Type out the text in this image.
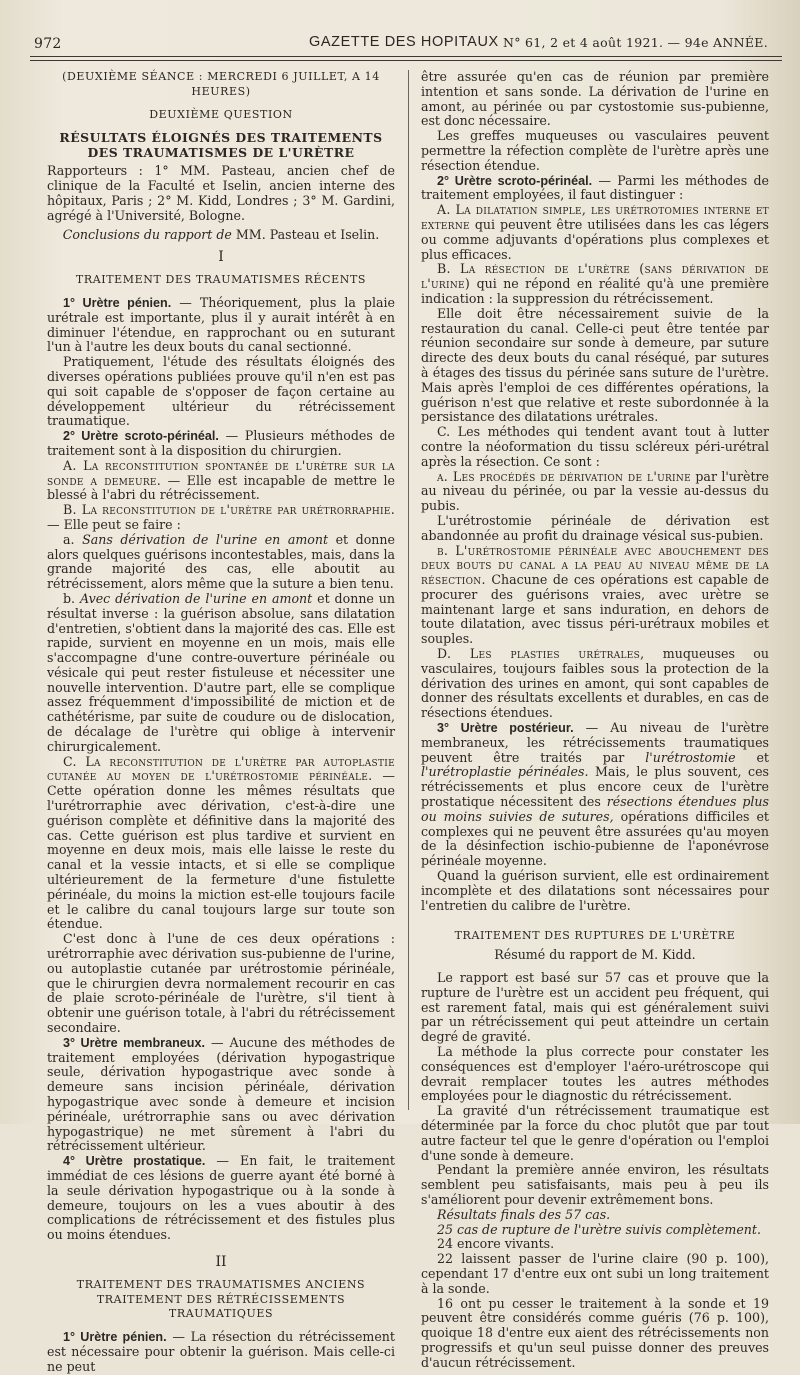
972	GAZETTE DES HOPITAUX N° 61, 2 et 4 août 1921. — 94e ANNÉE.

(DEUXIÈME SÉANCE : MERCREDI 6 JUILLET, A 14 HEURES)

DEUXIÈME QUESTION

RÉSULTATS ÉLOIGNÉS DES TRAITEMENTS

DES TRAUMATISMES DE L'URÈTRE

Rapporteurs : 1° MM. Pasteau, ancien chef de clinique de la Faculté et Iselin, ancien interne des hôpitaux, Paris ; 2° M. Kidd, Londres ; 3° M. Gardini, agrégé à l'Université, Bologne.

Conclusions du rapport de MM. Pasteau et Iselin.

I

TRAITEMENT DES TRAUMATISMES RÉCENTS

1° Urètre pénien. — Théoriquement, plus la plaie urétrale est importante, plus il y aurait intérêt à en diminuer l'étendue, en rapprochant ou en suturant l'un à l'autre les deux bouts du canal sectionné.

Pratiquement, l'étude des résultats éloignés des diverses opérations publiées prouve qu'il n'en est pas qui soit capable de s'opposer de façon certaine au développement ultérieur du rétrécissement traumatique.

2° Urètre scroto-périnéal. — Plusieurs méthodes de traitement sont à la disposition du chirurgien.

A. La reconstitution spontanée de l'urètre sur la sonde a demeure. — Elle est incapable de mettre le blessé à l'abri du rétrécissement.

B. La reconstitution de l'urètre par urétrorraphie. — Elle peut se faire :

a. Sans dérivation de l'urine en amont et donne alors quelques guérisons incontestables, mais, dans la grande majorité des cas, elle aboutit au rétrécissement, alors même que la suture a bien tenu.

b. Avec dérivation de l'urine en amont et donne un résultat inverse : la guérison absolue, sans dilatation d'entretien, s'obtient dans la majorité des cas. Elle est rapide, survient en moyenne en un mois, mais elle s'accompagne d'une contre-ouverture périnéale ou vésicale qui peut rester fistuleuse et nécessiter une nouvelle intervention. D'autre part, elle se complique assez fréquemment d'impossibilité de miction et de cathétérisme, par suite de coudure ou de dislocation, de décalage de l'urètre qui oblige à intervenir chirurgicalement.

C. La reconstitution de l'urètre par autoplastie cutanée au moyen de l'urétrostomie périnéale. — Cette opération donne les mêmes résultats que l'urétrorraphie avec dérivation, c'est-à-dire une guérison complète et définitive dans la majorité des cas. Cette guérison est plus tardive et survient en moyenne en deux mois, mais elle laisse le reste du canal et la vessie intacts, et si elle se complique ultérieurement de la fermeture d'une fistulette périnéale, du moins la miction est-elle toujours facile et le calibre du canal toujours large sur toute son étendue.

C'est donc à l'une de ces deux opérations : urétrorraphie avec dérivation sus-pubienne de l'urine, ou autoplastie cutanée par urétrostomie périnéale, que le chirurgien devra normalement recourir en cas de plaie scroto-périnéale de l'urètre, s'il tient à obtenir une guérison totale, à l'abri du rétrécissement secondaire.

3° Urètre membraneux. — Aucune des méthodes de traitement employées (dérivation hypogastrique seule, dérivation hypogastrique avec sonde à demeure sans incision périnéale, dérivation hypogastrique avec sonde à demeure et incision périnéale, urétrorraphie sans ou avec dérivation hypogastrique) ne met sûrement à l'abri du rétrécissement ultérieur.

4° Urètre prostatique. — En fait, le traitement immédiat de ces lésions de guerre ayant été borné à la seule dérivation hypogastrique ou à la sonde à demeure, toujours on les a vues aboutir à des complications de rétrécissement et des fistules plus ou moins étendues.

II

TRAITEMENT DES TRAUMATISMES ANCIENS

TRAITEMENT DES RÉTRÉCISSEMENTS TRAUMATIQUES

1° Urètre pénien. — La résection du rétrécissement est nécessaire pour obtenir la guérison. Mais celle-ci ne peut

être assurée qu'en cas de réunion par première intention et sans sonde. La dérivation de l'urine en amont, au périnée ou par cystostomie sus-pubienne, est donc nécessaire.

Les greffes muqueuses ou vasculaires peuvent permettre la réfection complète de l'urètre après une résection étendue.

2° Urètre scroto-périnéal. — Parmi les méthodes de traitement employées, il faut distinguer :

A. La dilatation simple, les urétrotomies interne et externe qui peuvent être utilisées dans les cas légers ou comme adjuvants d'opérations plus complexes et plus efficaces.

B. La résection de l'urètre (sans dérivation de l'urine) qui ne répond en réalité qu'à une première indication : la suppression du rétrécissement.

Elle doit être nécessairement suivie de la restauration du canal. Celle-ci peut être tentée par réunion secondaire sur sonde à demeure, par suture directe des deux bouts du canal réséqué, par sutures à étages des tissus du périnée sans suture de l'urètre. Mais après l'emploi de ces différentes opérations, la guérison n'est que relative et reste subordonnée à la persistance des dilatations urétrales.

C. Les méthodes qui tendent avant tout à lutter contre la néoformation du tissu scléreux péri-urétral après la résection. Ce sont :

a. Les procédés de dérivation de l'urine par l'urètre au niveau du périnée, ou par la vessie au-dessus du pubis.

L'urétrostomie périnéale de dérivation est abandonnée au profit du drainage vésical sus-pubien.

b. L'urétrostomie périnéale avec abouchement des deux bouts du canal a la peau au niveau même de la résection. Chacune de ces opérations est capable de procurer des guérisons vraies, avec urètre se maintenant large et sans induration, en dehors de toute dilatation, avec tissus péri-urétraux mobiles et souples.

D. Les plasties urétrales, muqueuses ou vasculaires, toujours faibles sous la protection de la dérivation des urines en amont, qui sont capables de donner des résultats excellents et durables, en cas de résections étendues.

3° Urètre postérieur. — Au niveau de l'urètre membraneux, les rétrécissements traumatiques peuvent être traités par l'urétrostomie et l'urétroplastie périnéales. Mais, le plus souvent, ces rétrécissements et plus encore ceux de l'urètre prostatique nécessitent des résections étendues plus ou moins suivies de sutures, opérations difficiles et complexes qui ne peuvent être assurées qu'au moyen de la désinfection ischio-pubienne de l'aponévrose périnéale moyenne.

Quand la guérison survient, elle est ordinairement incomplète et des dilatations sont nécessaires pour l'entretien du calibre de l'urètre.

TRAITEMENT DES RUPTURES DE L'URÈTRE

Résumé du rapport de M. Kidd.

Le rapport est basé sur 57 cas et prouve que la rupture de l'urètre est un accident peu fréquent, qui est rarement fatal, mais qui est généralement suivi par un rétrécissement qui peut atteindre un certain degré de gravité.

La méthode la plus correcte pour constater les conséquences est d'employer l'aéro-urétroscope qui devrait remplacer toutes les autres méthodes employées pour le diagnostic du rétrécissement.

La gravité d'un rétrécissement traumatique est déterminée par la force du choc plutôt que par tout autre facteur tel que le genre d'opération ou l'emploi d'une sonde à demeure.

Pendant la première année environ, les résultats semblent peu satisfaisants, mais peu à peu ils s'améliorent pour devenir extrêmement bons.

Résultats finals des 57 cas.

25 cas de rupture de l'urètre suivis complètement.

24 encore vivants.

22 laissent passer de l'urine claire (90 p. 100), cependant 17 d'entre eux ont subi un long traitement à la sonde.

16 ont pu cesser le traitement à la sonde et 19 peuvent être considérés comme guéris (76 p. 100), quoique 18 d'entre eux aient des rétrécissements non progressifs et qu'un seul puisse donner des preuves d'aucun rétrécissement.
